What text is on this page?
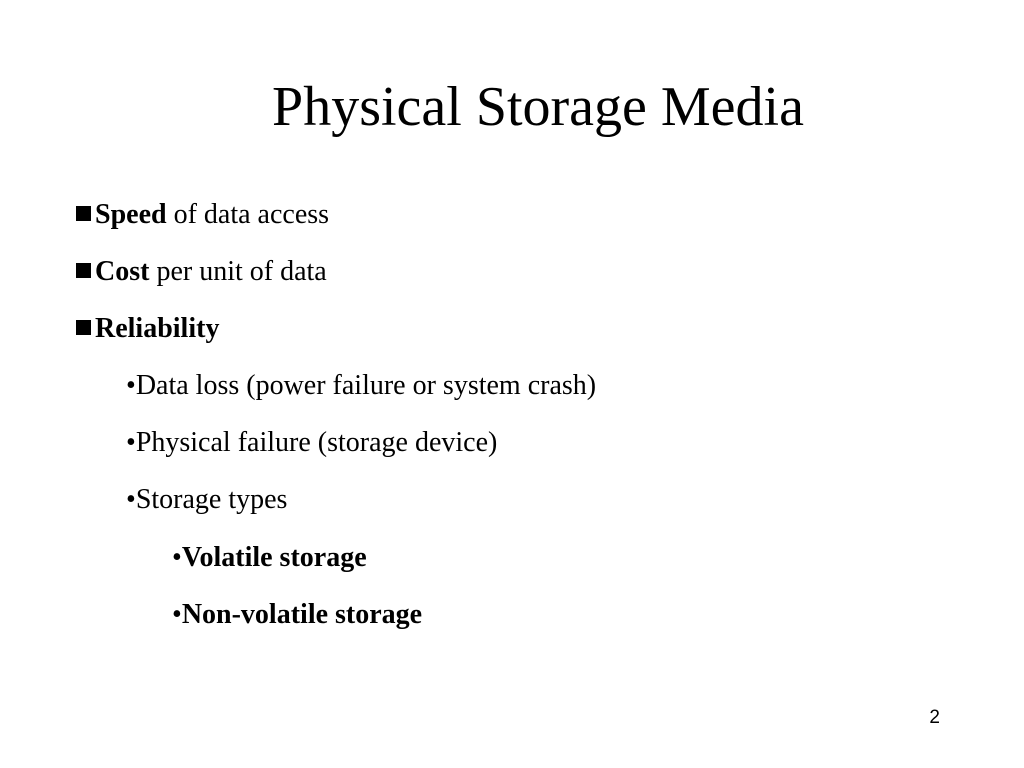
Physical Storage Media
Speed of data access
Cost per unit of data
Reliability
•Data loss (power failure or system crash)
•Physical failure (storage device)
•Storage types
•Volatile storage
•Non-volatile storage
2
